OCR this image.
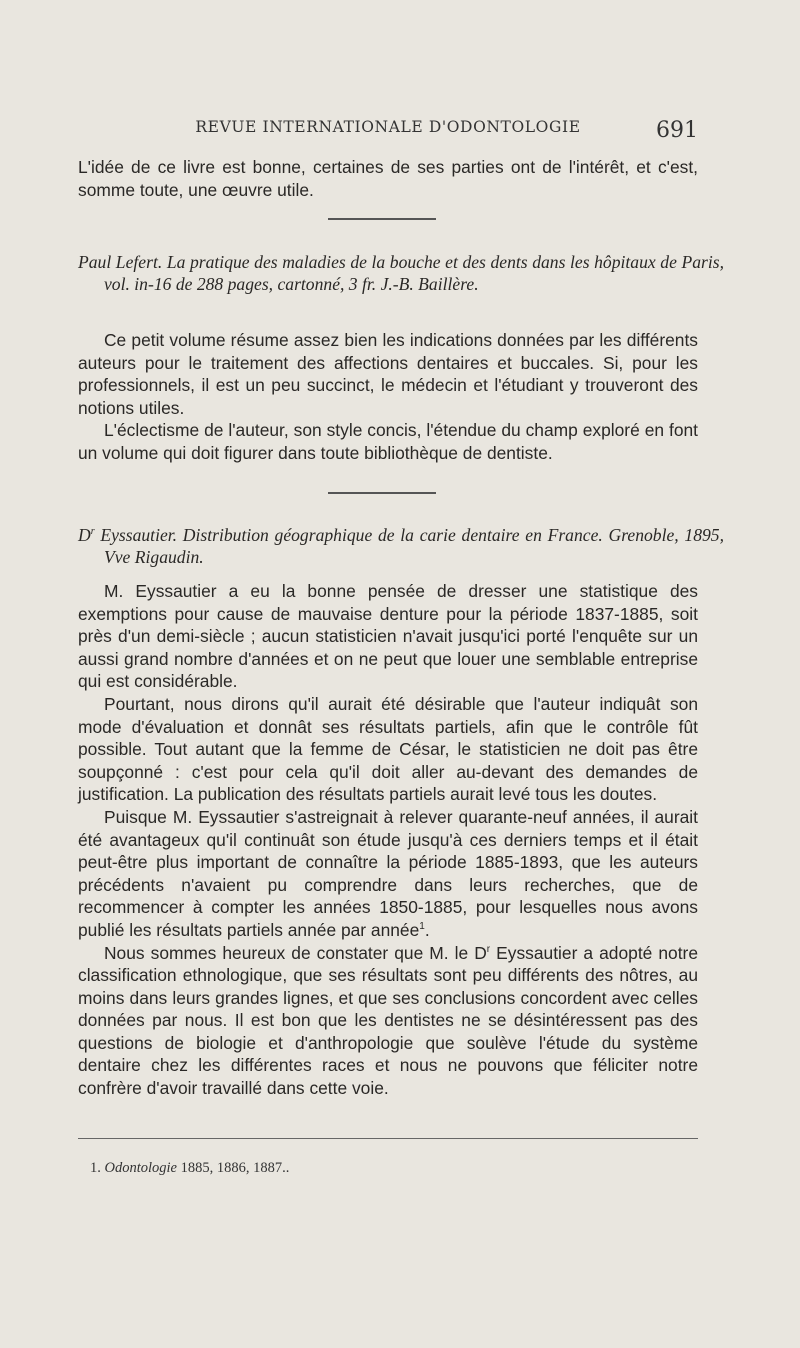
REVUE INTERNATIONALE D'ODONTOLOGIE	691

L'idée de ce livre est bonne, certaines de ses parties ont de l'intérêt, et c'est, somme toute, une œuvre utile.

Paul Lefert. La pratique des maladies de la bouche et des dents dans les hôpitaux de Paris, vol. in-16 de 288 pages, cartonné, 3 fr. J.-B. Baillère.

Ce petit volume résume assez bien les indications données par les différents auteurs pour le traitement des affections dentaires et buccales. Si, pour les professionnels, il est un peu succinct, le médecin et l'étudiant y trouveront des notions utiles.

L'éclectisme de l'auteur, son style concis, l'étendue du champ exploré en font un volume qui doit figurer dans toute bibliothèque de dentiste.

$D^r$ Eyssautier. Distribution géographique de la carie dentaire en France. Grenoble, 1895, Vve Rigaudin.

M. Eyssautier a eu la bonne pensée de dresser une statistique des exemptions pour cause de mauvaise denture pour la période 1837-1885, soit près d'un demi-siècle ; aucun statisticien n'avait jusqu'ici porté l'enquête sur un aussi grand nombre d'années et on ne peut que louer une semblable entreprise qui est considérable.

Pourtant, nous dirons qu'il aurait été désirable que l'auteur indiquât son mode d'évaluation et donnât ses résultats partiels, afin que le contrôle fût possible. Tout autant que la femme de César, le statisticien ne doit pas être soupçonné : c'est pour cela qu'il doit aller au-devant des demandes de justification. La publication des résultats partiels aurait levé tous les doutes.

Puisque M. Eyssautier s'astreignait à relever quarante-neuf années, il aurait été avantageux qu'il continuât son étude jusqu'à ces derniers temps et il était peut-être plus important de connaître la période 1885-1893, que les auteurs précédents n'avaient pu comprendre dans leurs recherches, que de recommencer à compter les années 1850-1885, pour lesquelles nous avons publié les résultats partiels année par année$^1$.

Nous sommes heureux de constater que M. le $D^r$ Eyssautier a adopté notre classification ethnologique, que ses résultats sont peu différents des nôtres, au moins dans leurs grandes lignes, et que ses conclusions concordent avec celles données par nous. Il est bon que les dentistes ne se désintéressent pas des questions de biologie et d'anthropologie que soulève l'étude du système dentaire chez les différentes races et nous ne pouvons que féliciter notre confrère d'avoir travaillé dans cette voie.

1. Odontologie 1885, 1886, 1887..
